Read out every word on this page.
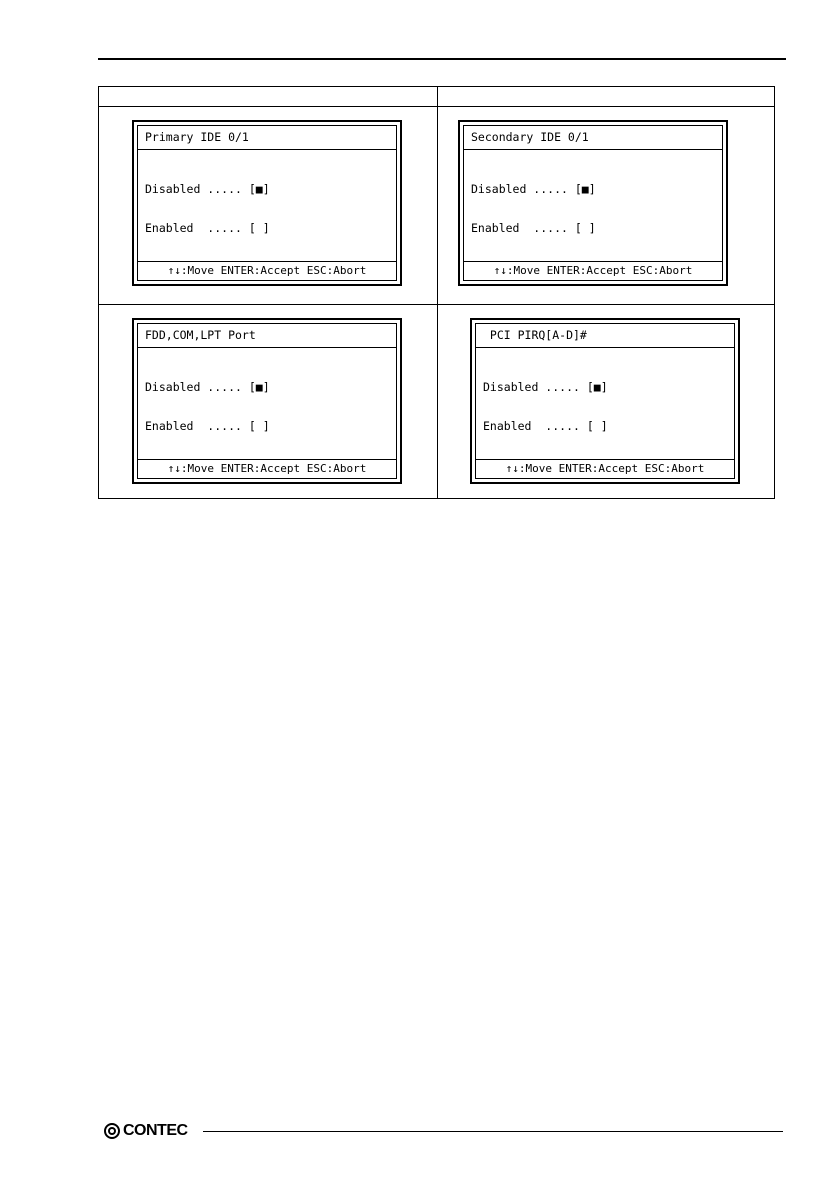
Primary IDE 0/1

Disabled ..... [■]

Enabled  ..... [ ]

↑↓:Move ENTER:Accept ESC:Abort
Secondary IDE 0/1

Disabled ..... [■]

Enabled  ..... [ ]

↑↓:Move ENTER:Accept ESC:Abort
FDD,COM,LPT Port

Disabled ..... [■]

Enabled  ..... [ ]

↑↓:Move ENTER:Accept ESC:Abort
PCI PIRQ[A-D]#

Disabled ..... [■]

Enabled  ..... [ ]

↑↓:Move ENTER:Accept ESC:Abort
CONTEC
